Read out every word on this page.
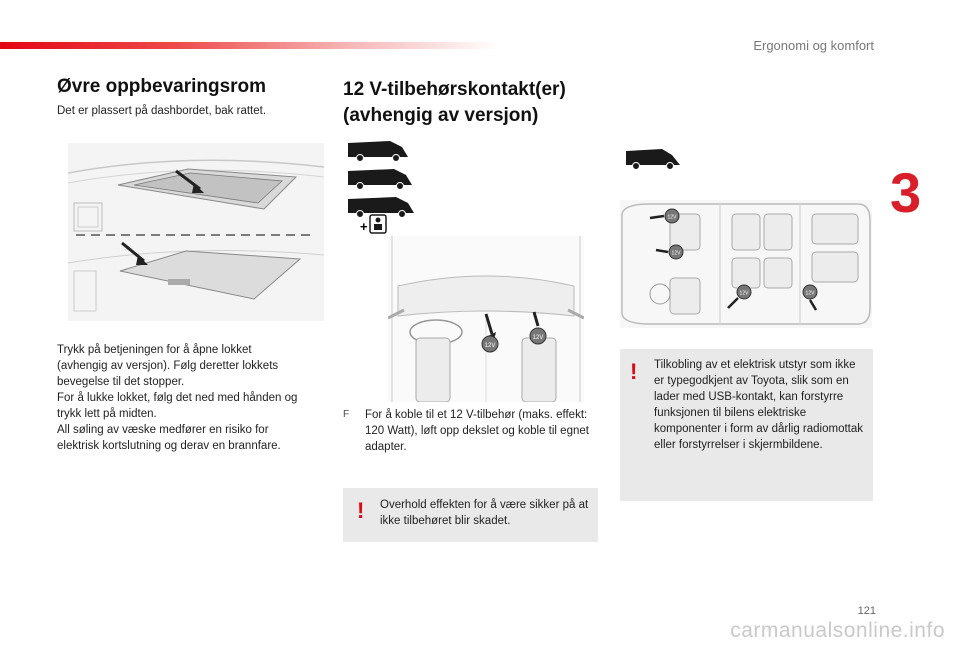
Ergonomi og komfort
3
Øvre oppbevaringsrom
Det er plassert på dashbordet, bak rattet.
Trykk på betjeningen for å åpne lokket
(avhengig av versjon). Følg deretter lokkets
bevegelse til det stopper.
For å lukke lokket, følg det ned med hånden og
trykk lett på midten.
All søling av væske medfører en risiko for
elektrisk kortslutning og derav en brannfare.
12 V-tilbehørskontakt(er)
(avhengig av versjon)
+
12V
12V
F For å koble til et 12 V-tilbehør (maks. effekt: 120 Watt), løft opp dekslet og koble til egnet adapter.
! Overhold effekten for å være sikker på at ikke tilbehøret blir skadet.
12V
12V
12V	12V
! Tilkobling av et elektrisk utstyr som ikke er typegodkjent av Toyota, slik som en lader med USB-kontakt, kan forstyrre funksjonen til bilens elektriske komponenter i form av dårlig radiomottak eller forstyrrelser i skjermbildene.
121
carmanualsonline.info
